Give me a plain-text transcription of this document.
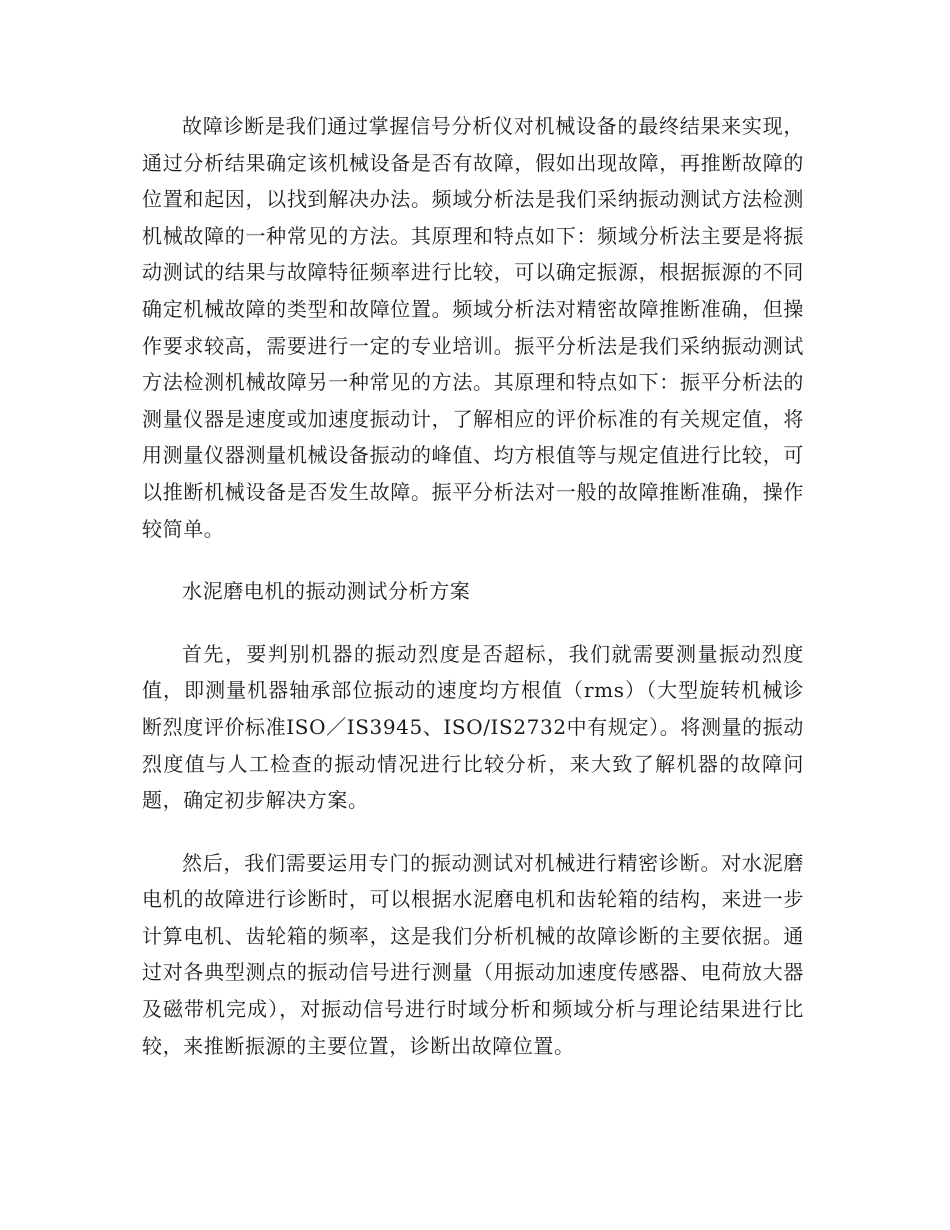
故障诊断是我们通过掌握信号分析仪对机械设备的最终结果来实现，通过分析结果确定该机械设备是否有故障，假如出现故障，再推断故障的位置和起因，以找到解决办法。频域分析法是我们采纳振动测试方法检测机械故障的一种常见的方法。其原理和特点如下：频域分析法主要是将振动测试的结果与故障特征频率进行比较，可以确定振源，根据振源的不同确定机械故障的类型和故障位置。频域分析法对精密故障推断准确，但操作要求较高，需要进行一定的专业培训。振平分析法是我们采纳振动测试方法检测机械故障另一种常见的方法。其原理和特点如下：振平分析法的测量仪器是速度或加速度振动计，了解相应的评价标准的有关规定值，将用测量仪器测量机械设备振动的峰值、均方根值等与规定值进行比较，可以推断机械设备是否发生故障。振平分析法对一般的故障推断准确，操作较简单。

水泥磨电机的振动测试分析方案

首先，要判别机器的振动烈度是否超标，我们就需要测量振动烈度值，即测量机器轴承部位振动的速度均方根值（rms）（大型旋转机械诊断烈度评价标准ISO／IS3945、ISO/IS2732中有规定）。将测量的振动烈度值与人工检查的振动情况进行比较分析，来大致了解机器的故障问题，确定初步解决方案。

然后，我们需要运用专门的振动测试对机械进行精密诊断。对水泥磨电机的故障进行诊断时，可以根据水泥磨电机和齿轮箱的结构，来进一步计算电机、齿轮箱的频率，这是我们分析机械的故障诊断的主要依据。通过对各典型测点的振动信号进行测量（用振动加速度传感器、电荷放大器及磁带机完成），对振动信号进行时域分析和频域分析与理论结果进行比较，来推断振源的主要位置，诊断出故障位置。
